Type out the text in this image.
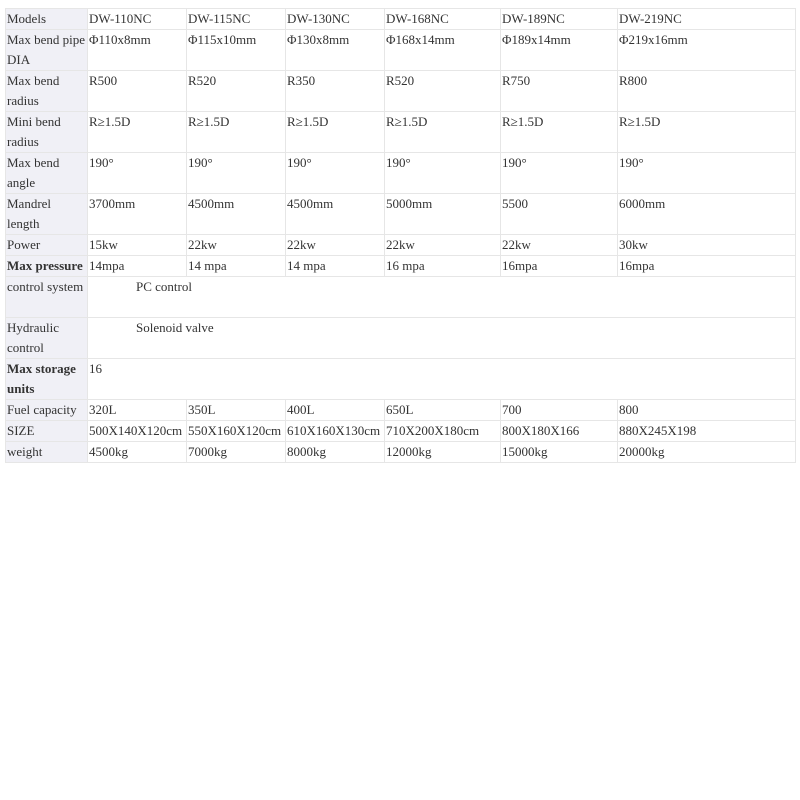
Models	DW-110NC	DW-115NC	DW-130NC	DW-168NC	DW-189NC	DW-219NC
Max bend pipe DIA	Φ110x8mm	Φ115x10mm	Φ130x8mm	Φ168x14mm	Φ189x14mm	Φ219x16mm
Max bend radius	R500	R520	R350	R520	R750	R800
Mini bend radius	R≥1.5D	R≥1.5D	R≥1.5D	R≥1.5D	R≥1.5D	R≥1.5D
Max bend angle	190°	190°	190°	190°	190°	190°
Mandrel length	3700mm	4500mm	4500mm	5000mm	5500	6000mm
Power	15kw	22kw	22kw	22kw	22kw	30kw
Max pressure	14mpa	14 mpa	14 mpa	16 mpa	16mpa	16mpa
control system	PC control					
Hydraulic control	Solenoid valve					
Max storage units	16					
Fuel capacity	320L	350L	400L	650L	700	800
SIZE	500X140X120cm	550X160X120cm	610X160X130cm	710X200X180cm	800X180X166	880X245X198
weight	4500kg	7000kg	8000kg	12000kg	15000kg	20000kg
